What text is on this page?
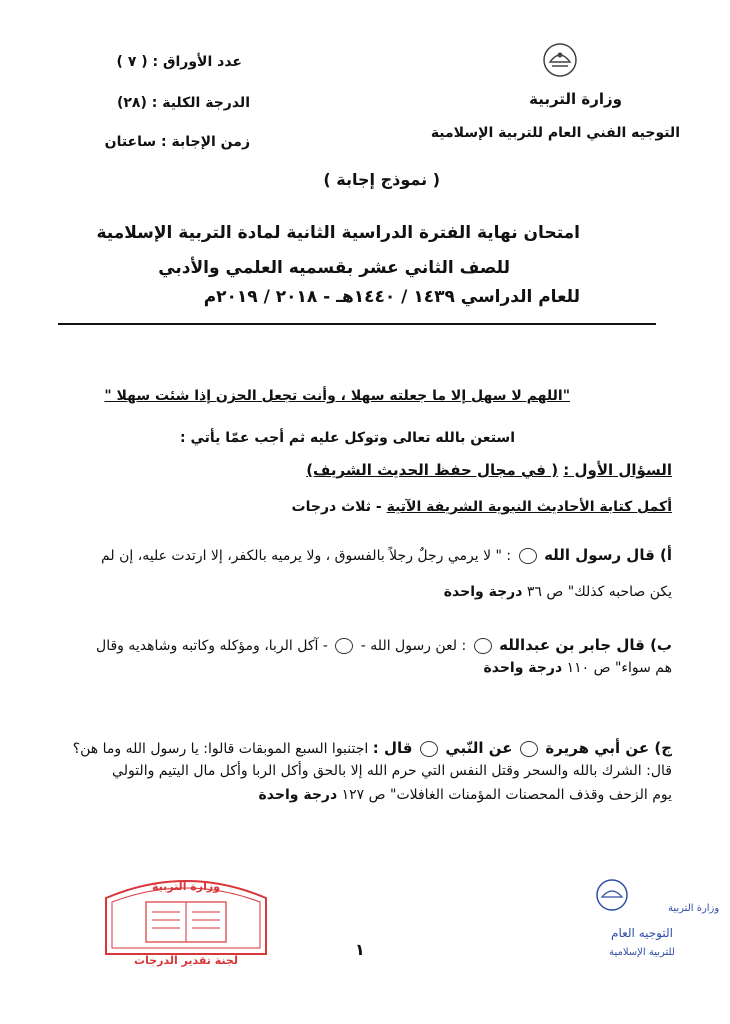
وزارة التربية
التوجيه الفني العام للتربية الإسلامية
عدد الأوراق : ( ٧ )
الدرجة الكلية : (٢٨)
زمن الإجابة : ساعتان
( نموذج إجابة )
امتحان نهاية الفترة الدراسية الثانية لمادة التربية الإسلامية
للصف الثاني عشر بقسميه العلمي والأدبي
للعام الدراسي ١٤٣٩ / ١٤٤٠هـ - ٢٠١٨ / ٢٠١٩م
"اللهم لا سهل إلا ما جعلته سهلا ، وأنت تجعل الحزن إذا شئت سهلا "
استعن بالله تعالى وتوكل عليه ثم أجب عمّا يأتي :
السؤال الأول : ( في مجال حفظ الحديث الشريف)
أكمل كتابة الأحاديث النبوية الشريفة الآتية - ثلاث درجات
أ) قال رسول الله  : " لا يرمي رجلٌ رجلاً بالفسوق ، ولا يرميه بالكفر، إلا ارتدت عليه، إن لم
يكن صاحبه كذلك" ص ٣٦ درجة واحدة
ب) قال جابر بن عبدالله  : لعن رسول الله -  - آكل الربا، ومؤكله وكاتبه وشاهديه وقال
هم سواء" ص ١١٠ درجة واحدة
ج) عن أبي هريرة  عن النّبي  قال : اجتنبوا السبع الموبقات قالوا: يا رسول الله وما هن؟
قال: الشرك بالله والسحر وقتل النفس التي حرم الله إلا بالحق وأكل الربا وأكل مال اليتيم والتولي
يوم الزحف وقذف المحصنات المؤمنات الغافلات" ص ١٢٧ درجة واحدة
وزارة التربية
التوجيه العام
للتربية الإسلامية
وزارة التربية
لجنة تقدير الدرجات
١
